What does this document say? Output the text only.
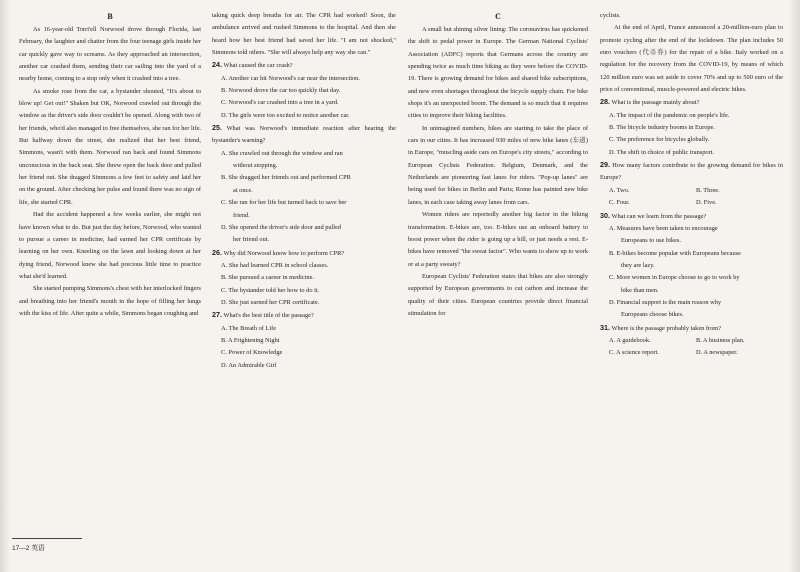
B

As 16-year-old Torri'ell Norwood drove through Florida, last February, the laughter and chatter from the four teenage girls inside her car quickly gave way to screams. As they approached an intersection, another car crashed them, sending their car sailing into the yard of a nearby home, coming to a stop only when it crashed into a tree.

As smoke rose from the car, a bystander shouted, "It's about to blow up! Get out!" Shaken but OK, Norwood crawled out through the window as the driver's side door couldn't be opened. Along with two of her friends, who'd also managed to free themselves, she ran for her life. But halfway down the street, she realized that her best friend, Simmons, wasn't with them. Norwood ran back and found Simmons unconscious in the back seat. She threw open the back door and pulled her friend out. She dragged Simmons a few feet to safety and laid her on the ground. After checking her pulse and found there was no sign of life, she started CPR.

Had the accident happened a few weeks earlier, she might not have known what to do. But just the day before, Norwood, who wanted to pursue a career in medicine, had earned her CPR certificate by learning on her own. Kneeling on the lawn and looking down at her dying friend, Norwood knew she had precious little time to practice what she'd learned.

She started pumping Simmons's chest with her interlocked fingers and breathing into her friend's mouth in the hope of filling her lungs with the kiss of life. After quite a while, Simmons began coughing and

taking quick deep breaths for air. The CPR had worked! Soon, the ambulance arrived and rushed Simmons to the hospital. And then she heard how her best friend had saved her life. "I am not shocked," Simmons told others. "She will always help any way she can."

24. What caused the car crash?
A. Another car hit Norwood's car near the intersection.
B. Norwood drove the car too quickly that day.
C. Norwood's car crashed into a tree in a yard.
D. The girls were too excited to notice another car.
25. What was Norwood's immediate reaction after hearing the bystander's warning?
A. She crawled out through the window and ran
without stopping.
B. She dragged her friends out and performed CPR
at once.
C. She ran for her life but turned back to save her
friend.
D. She opened the driver's side door and pulled
her friend out.
26. Why did Norwood know how to perform CPR?
A. She had learned CPR in school classes.
B. She pursued a career in medicine.
C. The bystander told her how to do it.
D. She just earned her CPR certificate.
27. What's the best title of the passage?
A. The Breath of Life
B. A Frightening Night
C. Power of Knowledge
D. An Admirable Girl
C

A small but shining silver lining: The coronavirus has quickened the shift to pedal power in Europe. The German National Cyclists' Association (ADFC) reports that Germans across the country are spending twice as much time biking as they were before the COVID-19. There is growing demand for bikes and shared bike subscriptions, and new even shortages throughout the bicycle supply chain. For bike shops it's an unexpected boom. The demand is so much that it requires cities to improve their biking facilities.

In unimagined numbers, bikes are starting to take the place of cars in our cities. It has increased 930 miles of new bike lanes (车道) in Europe, "muscling aside cars on Europe's city streets," according to European Cyclists Federation. Belgium, Denmark, and the Netherlands are pioneering fast lanes for riders. "Pop-up lanes" are being used for bikes in Berlin and Paris; Rome has painted new bike lanes, in each case taking away lanes from cars.

Women riders are reportedly another big factor in the biking transformation. E-bikes are, too. E-bikes use an onboard battery to boost power when the rider is going up a hill, or just needs a rest. E-bikes have removed "the sweat factor". Who wants to show up to work or at a party sweaty?

European Cyclists' Federation states that bikes are also strongly supported by European governments to cut carbon and increase the quality of their cities. European countries provide direct financial stimulation for

cyclists.

At the end of April, France announced a 20-million-euro plan to promote cycling after the end of the lockdown. The plan includes 50 euro vouchers (代币券) for the repair of a bike. Italy worked on a regulation for the recovery from the COVID-19, by means of which 120 million euro was set aside to cover 70% and up to 500 euro of the price of conventional, muscle-powered and electric bikes.

28. What is the passage mainly about?
A. The impact of the pandemic on people's life.
B. The bicycle industry booms in Europe.
C. The preference for bicycles globally.
D. The shift in choice of public transport.
29. How many factors contribute to the growing demand for bikes in Europe?
A. Two.	B. Three.
C. Four.	D. Five.
30. What can we learn from the passage?
A. Measures have been taken to encourage
Europeans to use bikes.
B. E-bikes become popular with Europeans because
they are lazy.
C. More women in Europe choose to go to work by
bike than men.
D. Financial support is the main reason why
Europeans choose bikes.
31. Where is the passage probably taken from?
A. A guidebook.	B. A business plan.
C. A science report.	D. A newspaper.
17—2 英语
